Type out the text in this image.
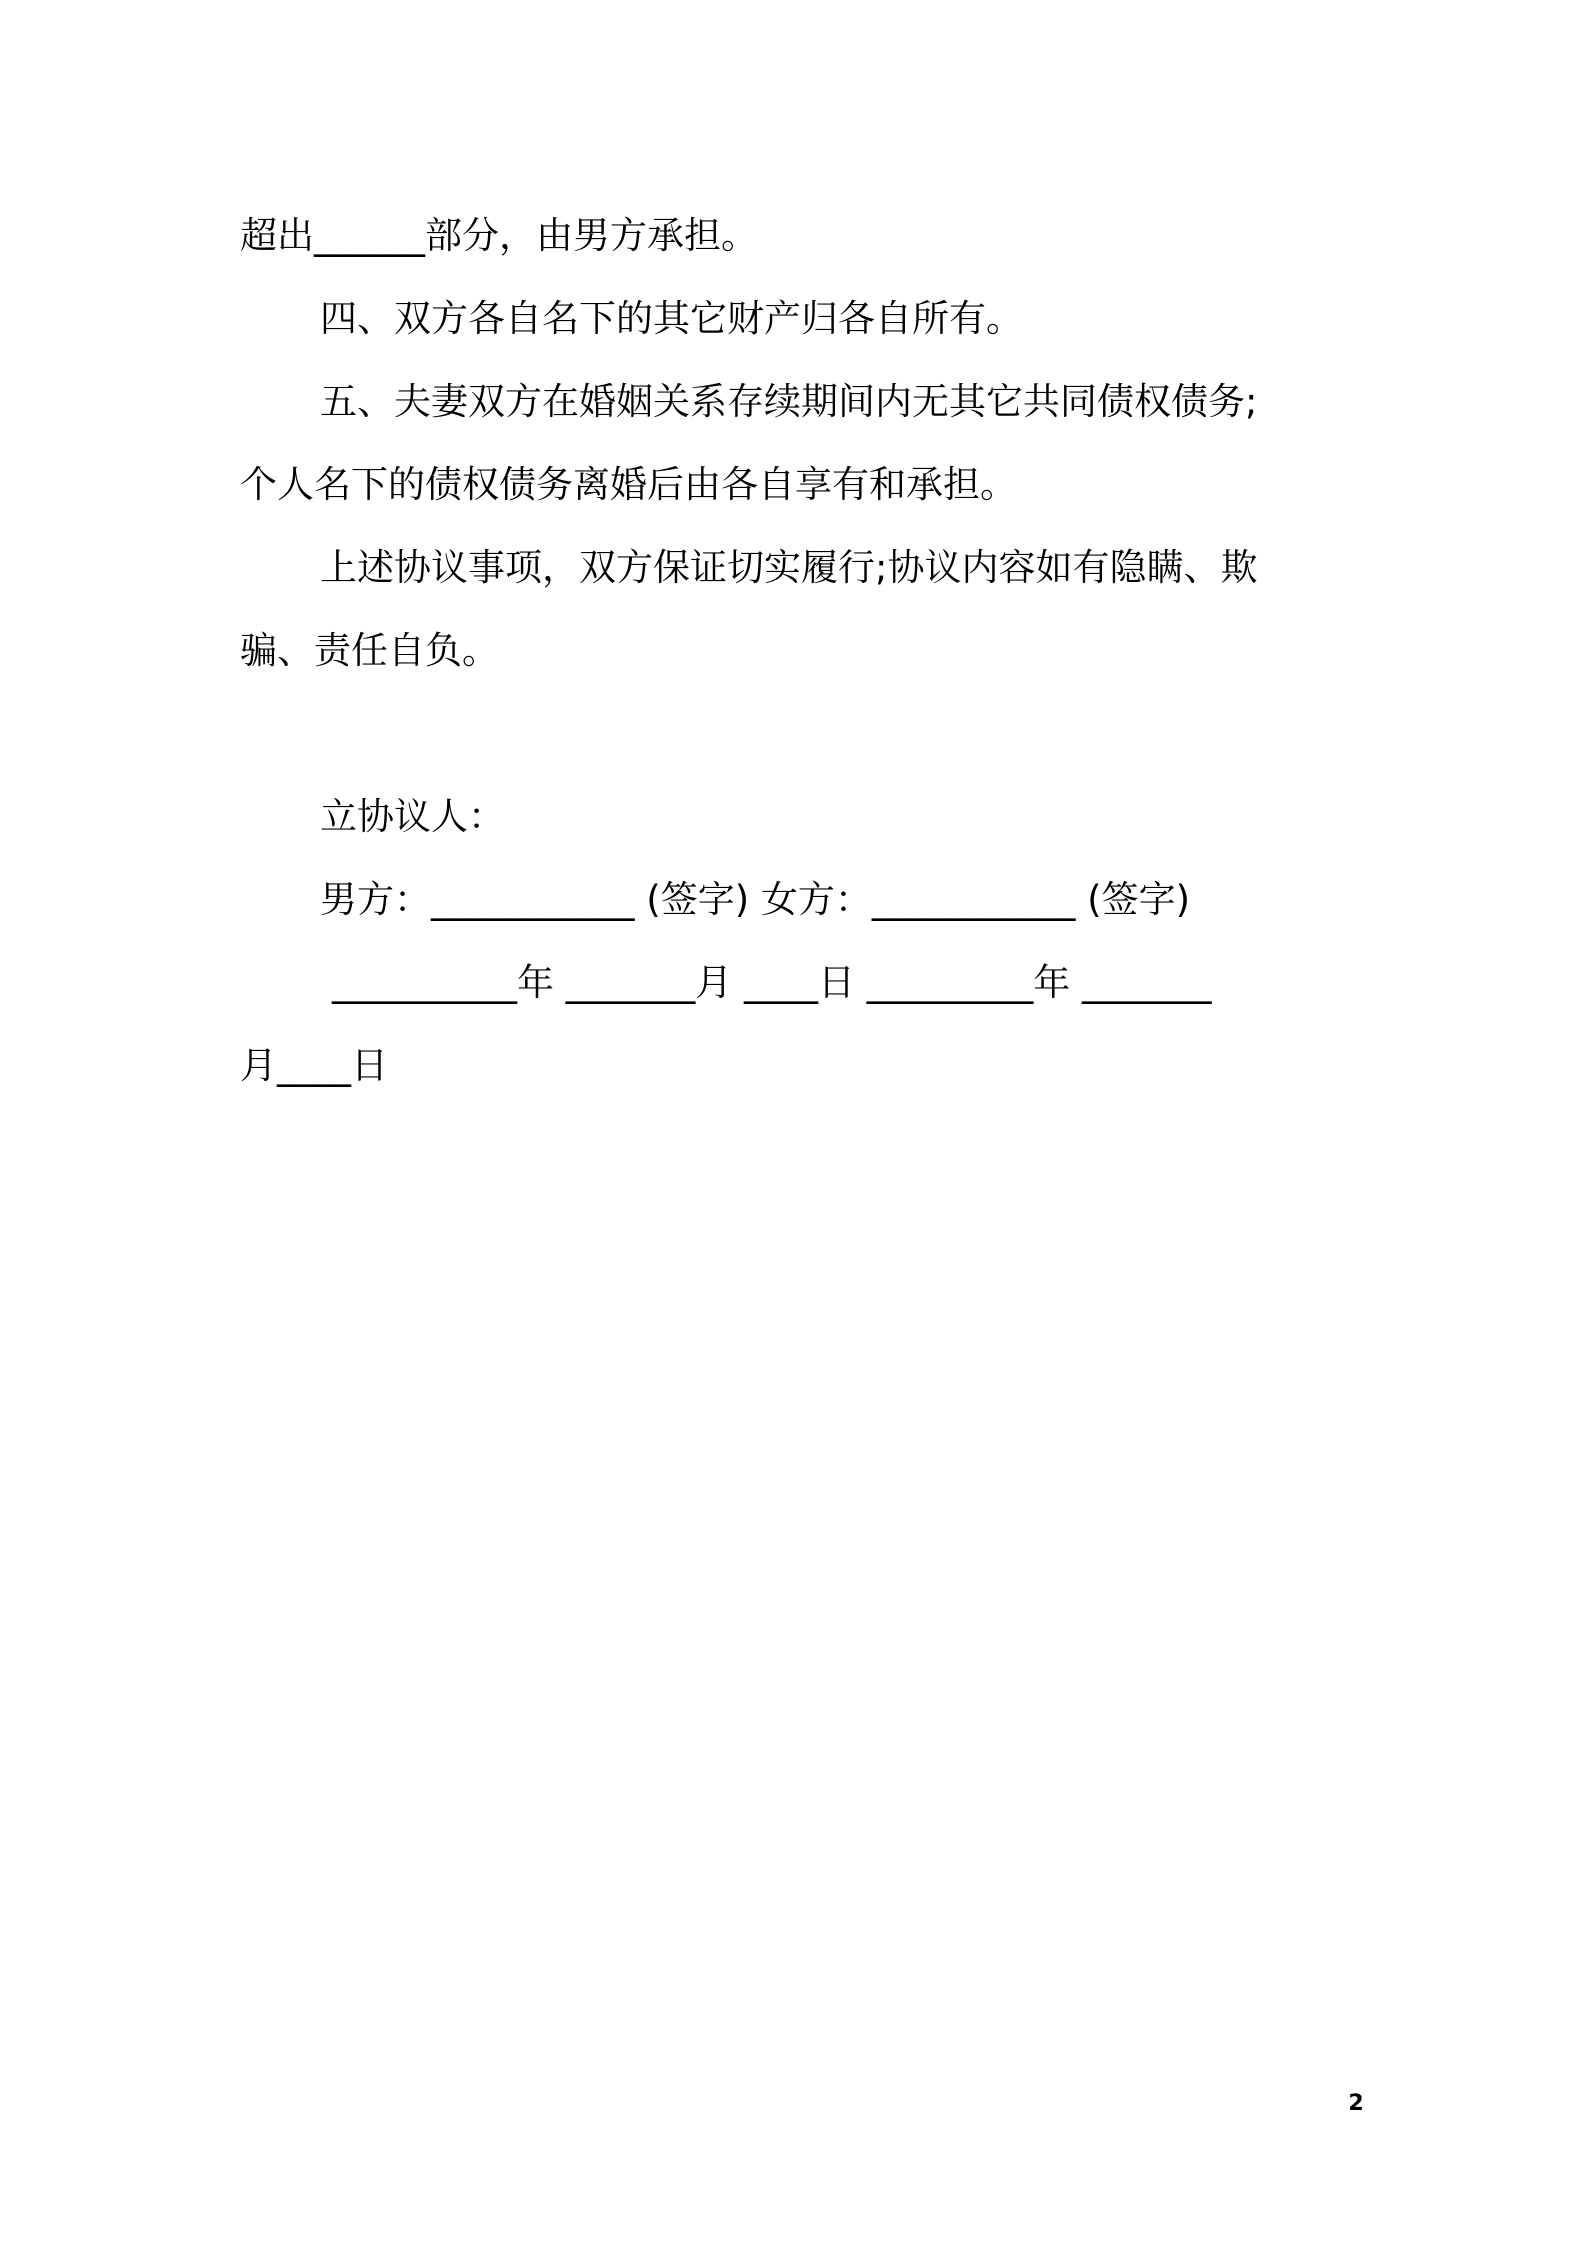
超出______部分，由男方承担。
四、双方各自名下的其它财产归各自所有。
五、夫妻双方在婚姻关系存续期间内无其它共同债权债务;
个人名下的债权债务离婚后由各自享有和承担。
上述协议事项，双方保证切实履行;协议内容如有隐瞒、欺
骗、责任自负。
立协议人：
男方：___________ (签字) 女方：___________ (签字)
__________年 _______月 ____日 _________年 _______
月____日
2
